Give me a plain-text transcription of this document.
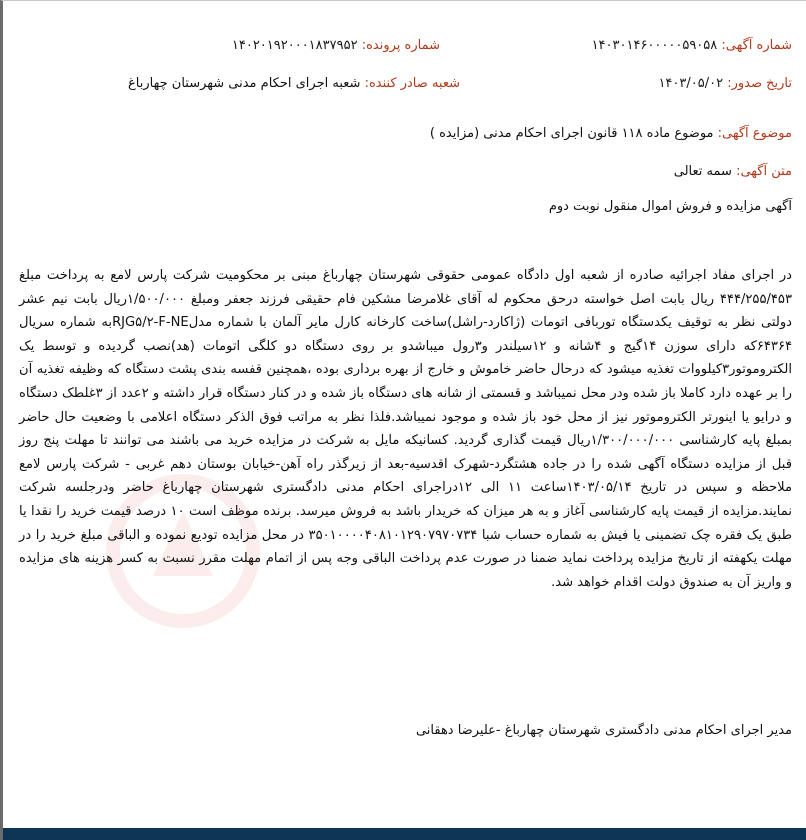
شماره آگهی: ۱۴۰۳۰۱۴۶۰۰۰۰۰۵۹۰۵۸
شماره پرونده: ۱۴۰۲۰۱۹۲۰۰۰۱۸۳۷۹۵۲
تاریخ صدور: ۱۴۰۳/۰۵/۰۲
شعبه صادر کننده: شعبه اجرای احکام مدنی شهرستان چهارباغ
موضوع آگهی: موضوع ماده ۱۱۸ قانون اجرای احکام مدنی (مزایده )
متن آگهی: سمه تعالی
آگهی مزایده و فروش اموال منقول نوبت دوم
در اجرای مفاد اجرائیه صادره از شعبه اول دادگاه عمومی حقوقی شهرستان چهارباغ مبنی بر محکومیت شرکت پارس لامع به پرداخت مبلغ ۴۴۴/۲۵۵/۴۵۳ ریال بابت اصل خواسته درحق محکوم له آقای غلامرضا مشکین فام حقیقی فرزند جعفر ومبلغ ۱/۵۰۰/۰۰۰ریال بابت نیم عشر دولتی نظر به توقیف یکدستگاه توربافی اتومات (ژاکارد-راشل)ساخت کارخانه کارل مایر آلمان با شماره مدلRJG۵/۲-F-NEبه شماره سریال ۶۴۳۶۴که دارای سوزن ۱۴گیج و ۴شانه و ۱۲سیلندر و۳رول میباشدو بر روی دستگاه دو کلگی اتومات (هد)نصب گردیده و توسط یک الکتروموتور۳کیلووات تغذیه میشود که درحال حاضر خاموش و خارج از بهره برداری بوده ،همچنین قفسه بندی پشت دستگاه که وظیفه تغذیه آن را بر عهده دارد کاملا باز شده ودر محل نمیباشد و قسمتی از شانه های دستگاه باز شده و در کنار دستگاه قرار داشته و ۲عدد از ۳غلطک دستگاه و درایو یا اینورتر الکتروموتور نیز از محل خود باز شده و موجود نمیباشد.فلذا نظر به مراتب فوق الذکر دستگاه اعلامی با وضعیت حال حاضر بمبلغ پایه کارشناسی ۱/۳۰۰/۰۰۰/۰۰۰ریال قیمت گذاری گردید. کسانیکه مایل به شرکت در مزایده خرید می باشند می توانند تا مهلت پنج روز قبل از مزایده دستگاه آگهی شده را در جاده هشتگرد-شهرک اقدسیه-بعد از زیرگذر راه آهن-خیابان بوستان دهم غربی - شرکت پارس لامع ملاحظه و سپس در تاریخ ۱۴۰۳/۰۵/۱۴ساعت ۱۱ الی ۱۲دراجرای احکام مدنی دادگستری شهرستان چهارباغ حاضر ودرجلسه شرکت نمایند.مزایده از قیمت پایه کارشناسی آغاز و به هر میزان که خریدار باشد به فروش میرسد. برنده موظف است ۱۰ درصد قیمت خرید را نقدا یا طبق یک فقره چک تضمینی یا فیش به شماره حساب شبا ۳۵۰۱۰۰۰۰۴۰۸۱۰۱۲۹۰۷۹۷۰۷۳۴ در محل مزایده تودیع نموده و الباقی مبلغ خرید را در مهلت یکهفته از تاریخ مزایده پرداخت نماید ضمنا در صورت عدم پرداخت الباقی وجه پس از اتمام مهلت مقرر نسبت به کسر هزینه های مزایده و واریز آن به صندوق دولت اقدام خواهد شد.
مدیر اجرای احکام مدنی دادگستری شهرستان چهارباغ -علیرضا دهقانی
